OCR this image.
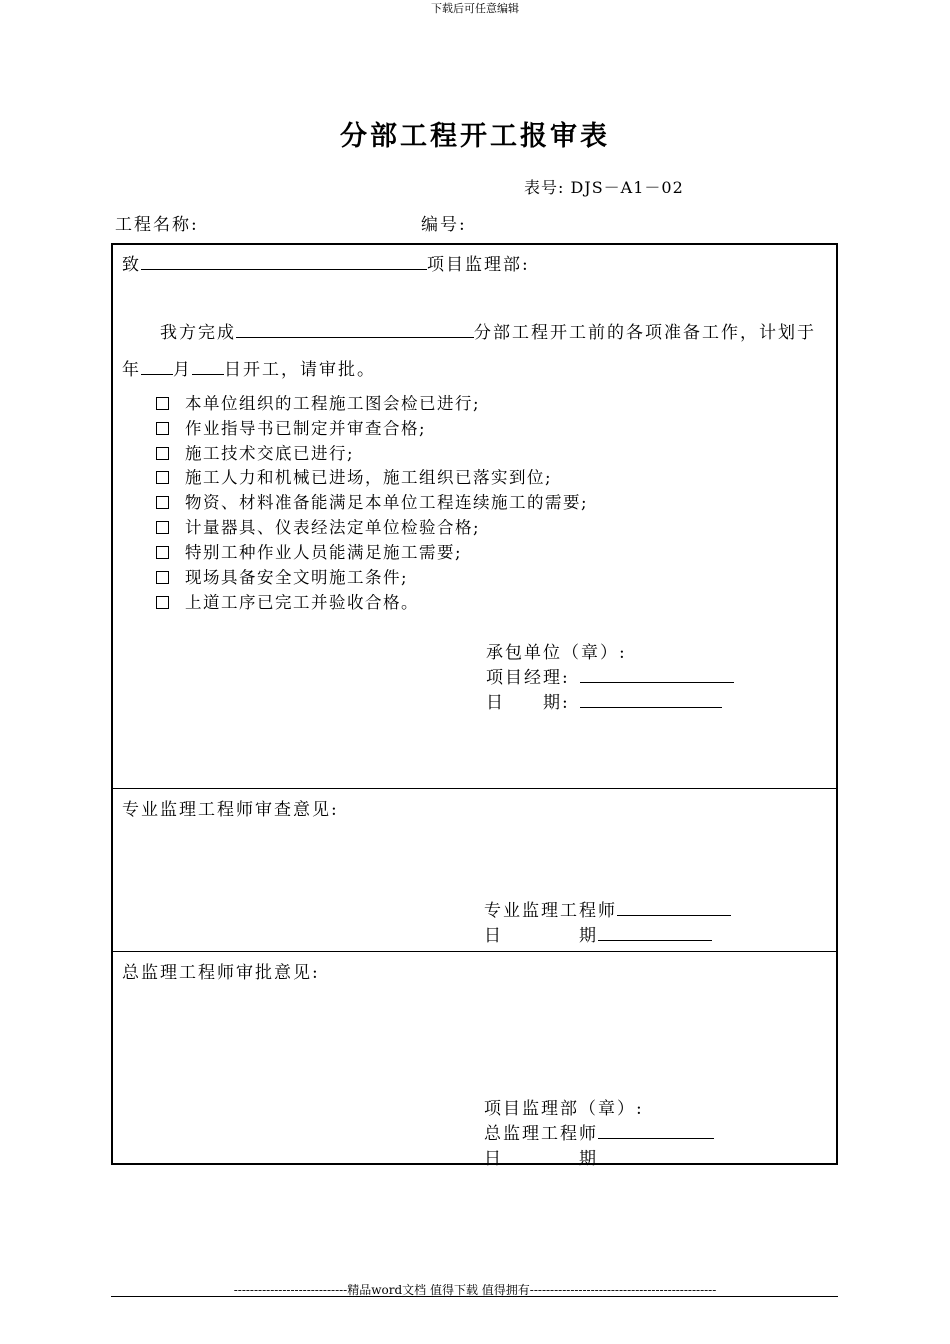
下载后可任意编辑
分部工程开工报审表
表号: DJS－A1－02
工程名称:	编号:
致	项目监理部:
我方完成	分部工程开工前的各项准备工作，计划于
年 月 日开工，请审批。
本单位组织的工程施工图会检已进行;
作业指导书已制定并审查合格;
施工技术交底已进行;
施工人力和机械已进场，施工组织已落实到位;
物资、材料准备能满足本单位工程连续施工的需要;
计量器具、仪表经法定单位检验合格;
特别工种作业人员能满足施工需要;
现场具备安全文明施工条件;
上道工序已完工并验收合格。
承包单位（章）:
项目经理:
日　　期:
专业监理工程师审查意见:
专业监理工程师
日　　　　期
总监理工程师审批意见:
项目监理部（章）:
总监理工程师
日　　　　期
----------------------------精品word文档 值得下载 值得拥有----------------------------------------------
